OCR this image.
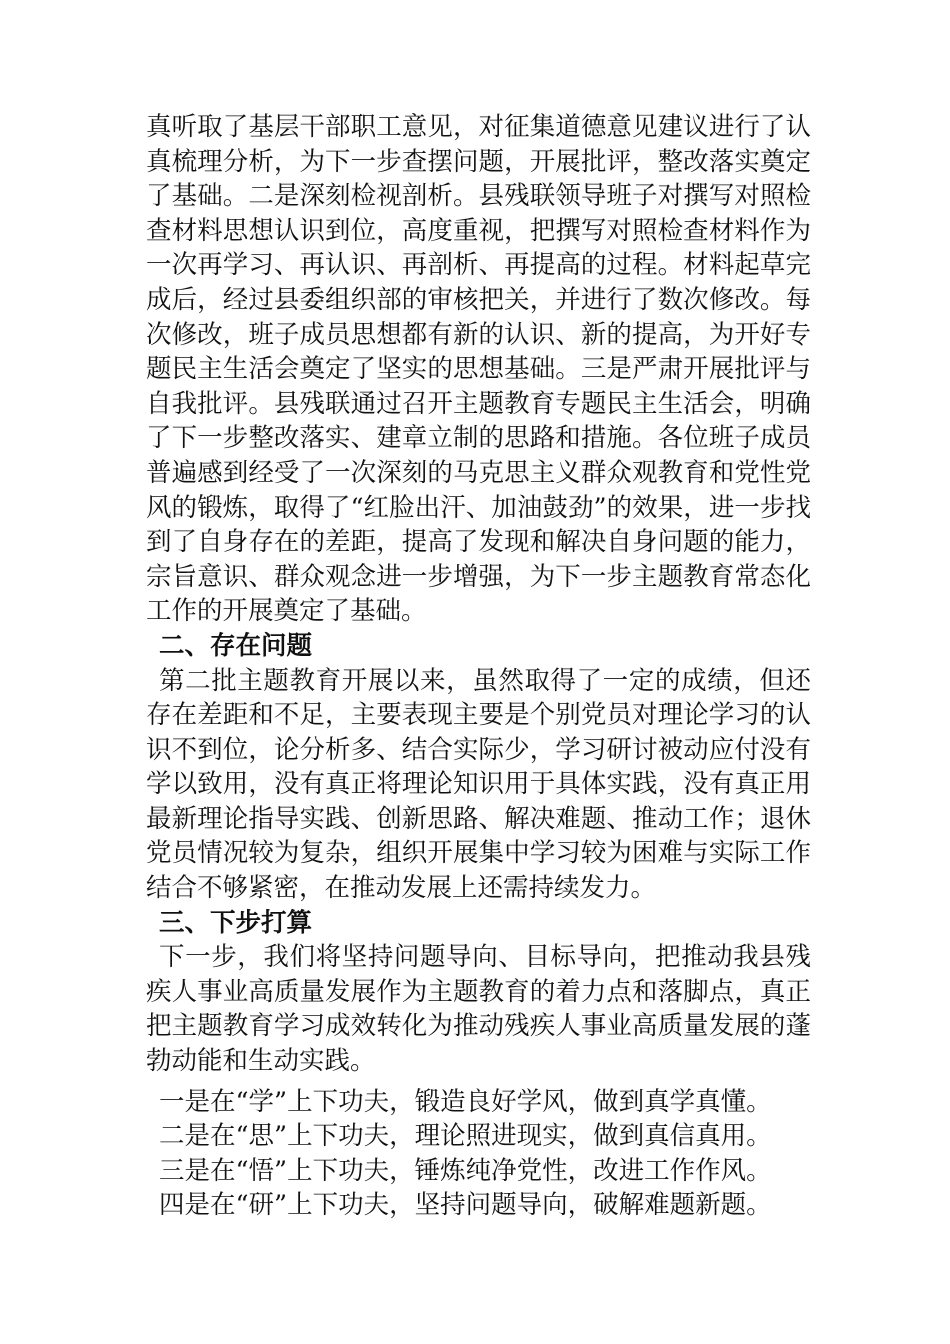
真听取了基层干部职工意见，对征集道德意见建议进行了认真梳理分析，为下一步查摆问题，开展批评，整改落实奠定了基础。二是深刻检视剖析。县残联领导班子对撰写对照检查材料思想认识到位，高度重视，把撰写对照检查材料作为一次再学习、再认识、再剖析、再提高的过程。材料起草完成后，经过县委组织部的审核把关，并进行了数次修改。每次修改，班子成员思想都有新的认识、新的提高，为开好专题民主生活会奠定了坚实的思想基础。三是严肃开展批评与自我批评。县残联通过召开主题教育专题民主生活会，明确了下一步整改落实、建章立制的思路和措施。各位班子成员普遍感到经受了一次深刻的马克思主义群众观教育和党性党风的锻炼，取得了“红脸出汗、加油鼓劲”的效果，进一步找到了自身存在的差距，提高了发现和解决自身问题的能力，宗旨意识、群众观念进一步增强，为下一步主题教育常态化工作的开展奠定了基础。

二、存在问题

第二批主题教育开展以来，虽然取得了一定的成绩，但还存在差距和不足，主要表现主要是个别党员对理论学习的认识不到位，论分析多、结合实际少，学习研讨被动应付没有学以致用，没有真正将理论知识用于具体实践，没有真正用最新理论指导实践、创新思路、解决难题、推动工作；退休党员情况较为复杂，组织开展集中学习较为困难与实际工作结合不够紧密，在推动发展上还需持续发力。

三、下步打算

下一步，我们将坚持问题导向、目标导向，把推动我县残疾人事业高质量发展作为主题教育的着力点和落脚点，真正把主题教育学习成效转化为推动残疾人事业高质量发展的蓬勃动能和生动实践。

一是在“学”上下功夫，锻造良好学风，做到真学真懂。

二是在“思”上下功夫，理论照进现实，做到真信真用。

三是在“悟”上下功夫，锤炼纯净党性，改进工作作风。

四是在“研”上下功夫，坚持问题导向，破解难题新题。
